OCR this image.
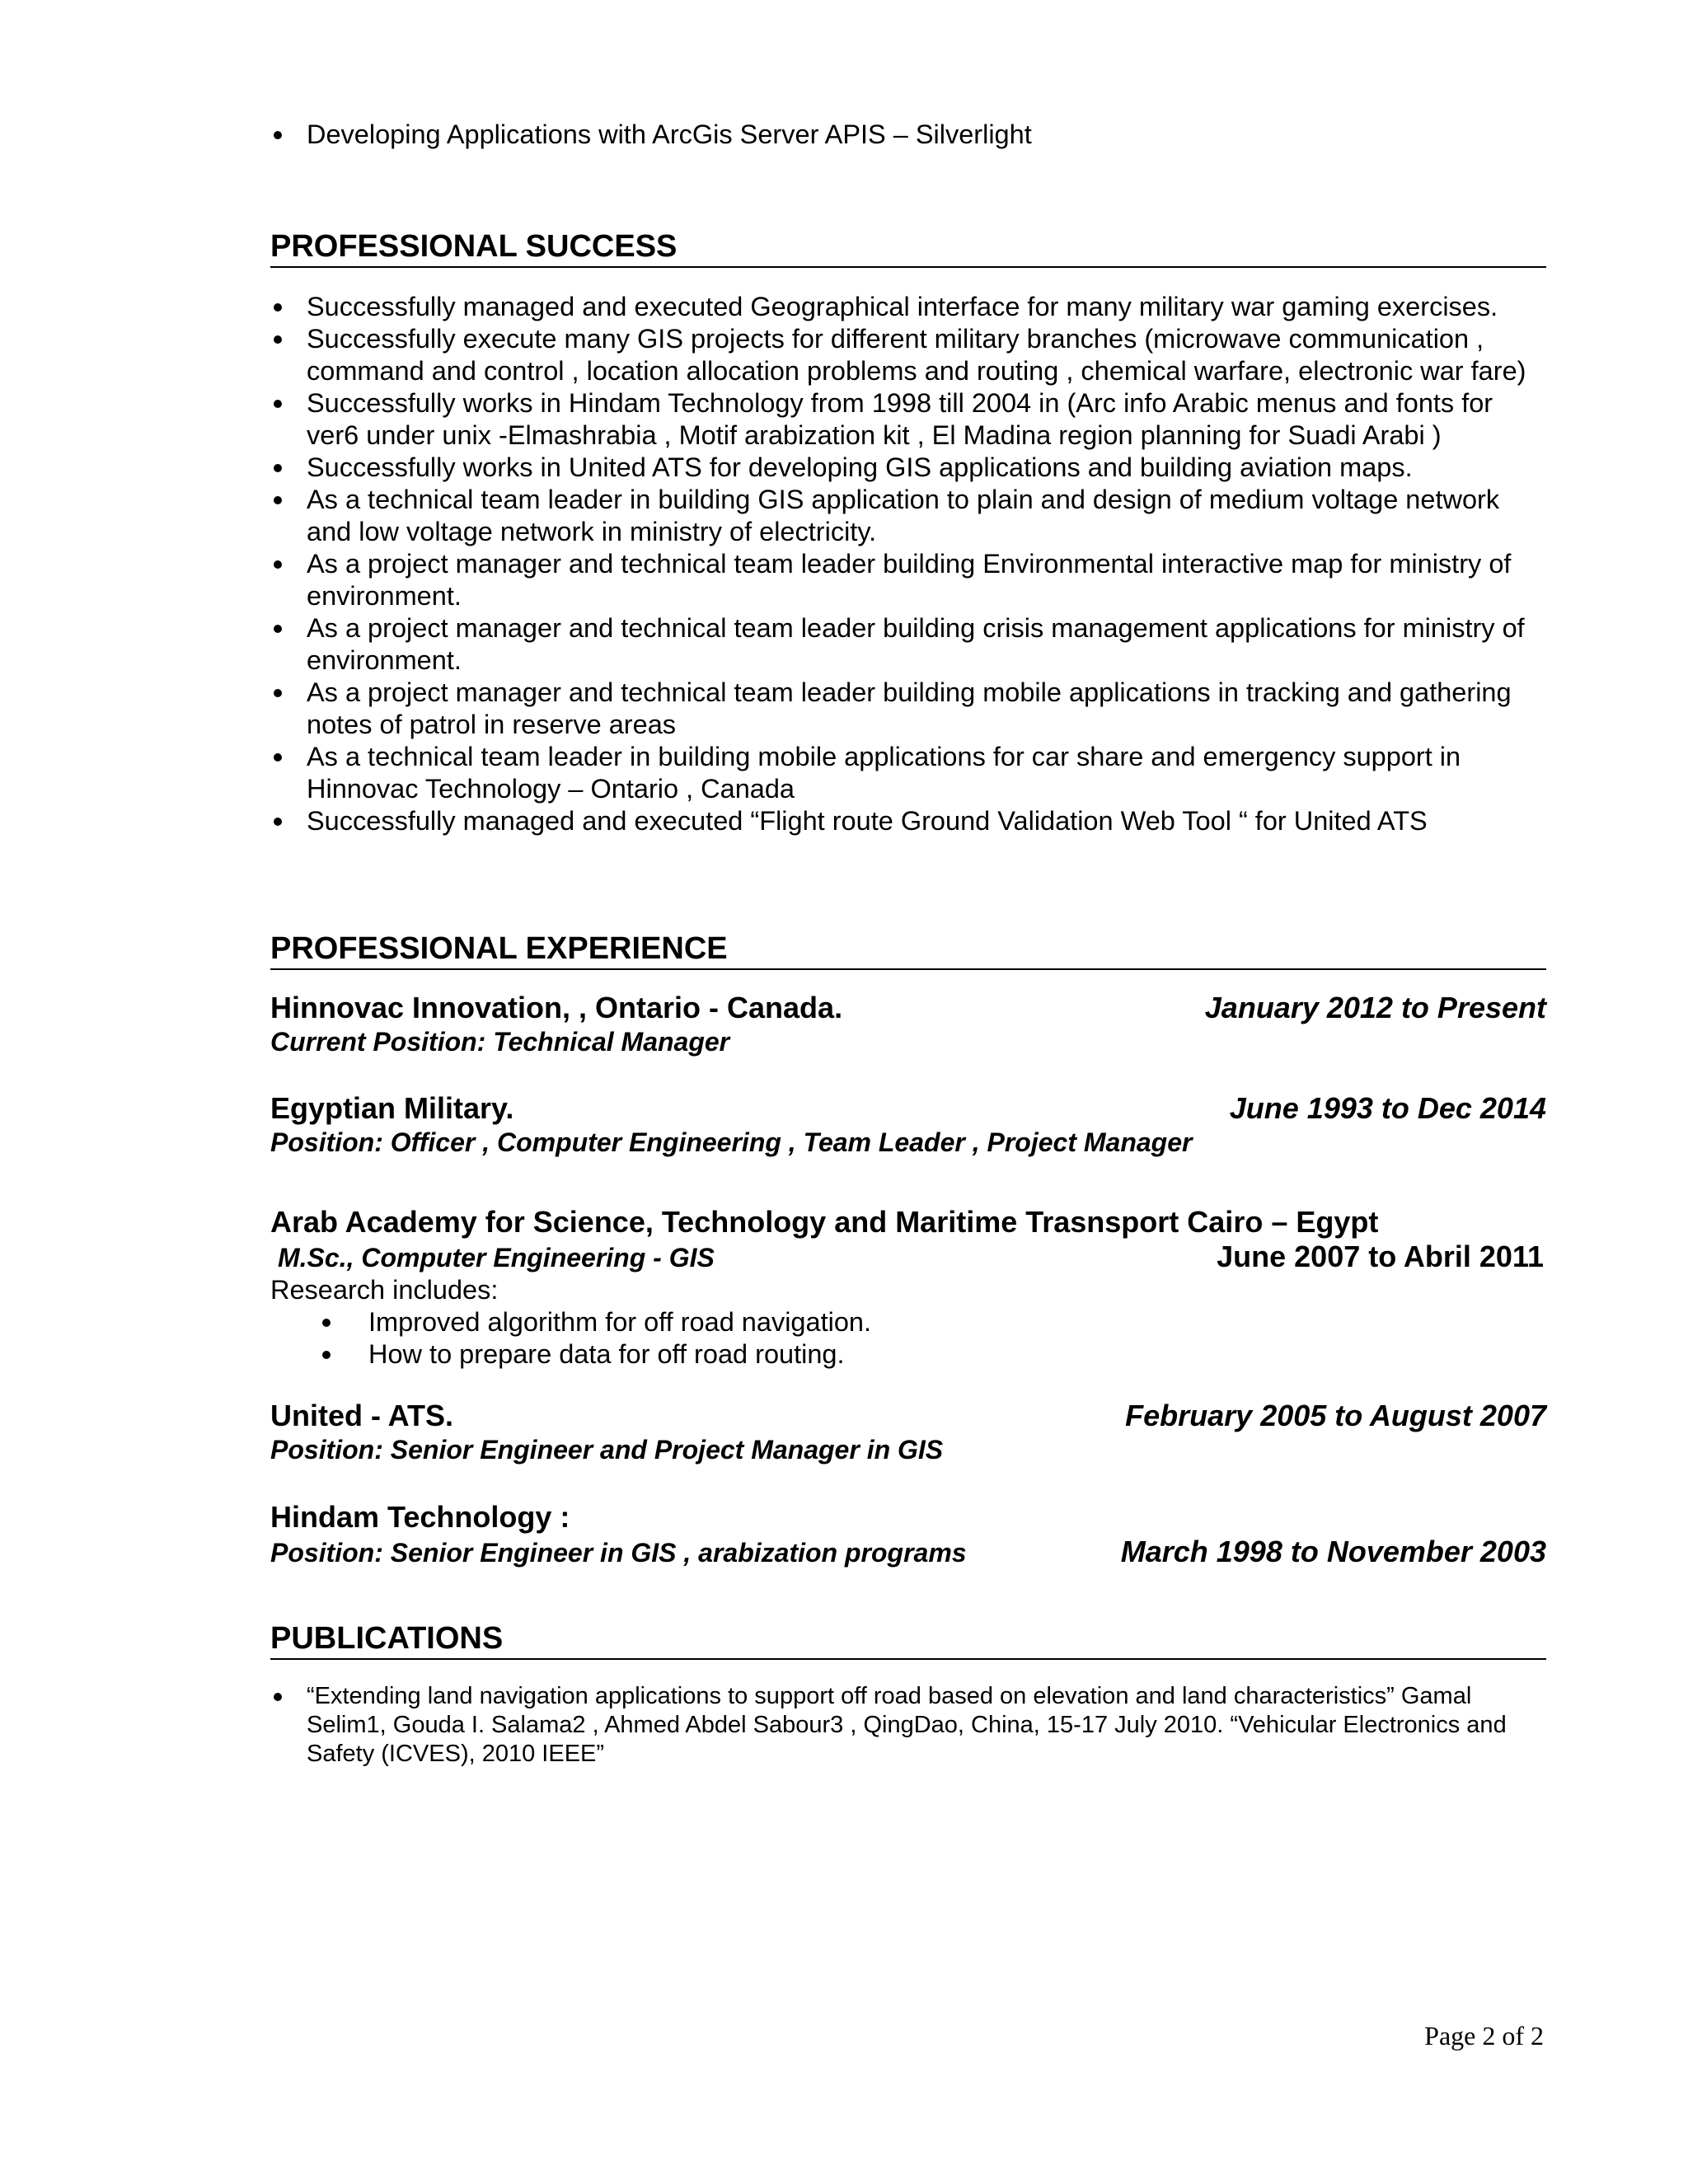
Developing Applications with ArcGis Server APIS – Silverlight
PROFESSIONAL SUCCESS
Successfully managed and executed Geographical interface for many military war gaming exercises.
Successfully execute many GIS projects for different military branches (microwave communication , command and control , location allocation problems and routing , chemical warfare, electronic war fare)
Successfully works in Hindam Technology from 1998 till 2004 in (Arc info Arabic menus and fonts for ver6 under unix -Elmashrabia , Motif arabization kit , El Madina region planning for Suadi Arabi )
Successfully works in United ATS for developing GIS applications and building aviation maps.
As a technical team leader in building GIS application to plain and design of medium voltage network and low voltage network in ministry of electricity.
As a project manager and technical team leader building Environmental interactive map for ministry of environment.
As a project manager and technical team leader building crisis management applications for ministry of environment.
As a project manager and technical team leader building mobile applications in tracking and gathering notes of patrol in reserve areas
As a technical team leader in building mobile applications for car share and emergency support in Hinnovac Technology – Ontario , Canada
Successfully managed and executed “Flight route Ground Validation Web Tool “ for United ATS
PROFESSIONAL EXPERIENCE
Hinnovac Innovation, , Ontario - Canada.	January 2012 to Present
Current Position: Technical Manager
Egyptian Military.	June 1993 to Dec 2014
Position: Officer , Computer Engineering , Team Leader , Project Manager
Arab Academy for Science, Technology and Maritime Trasnsport Cairo – Egypt
M.Sc., Computer Engineering - GIS	June 2007 to Abril 2011
Research includes:
Improved algorithm for off road navigation.
How to prepare data for off road routing.
United - ATS.	February 2005 to August 2007
Position: Senior Engineer and Project Manager in GIS
Hindam Technology :
Position: Senior Engineer in GIS , arabization programs	March 1998 to November 2003
PUBLICATIONS
“Extending land navigation applications to support off road based on elevation and land characteristics” Gamal Selim1, Gouda I. Salama2 , Ahmed Abdel Sabour3 , QingDao, China, 15-17 July 2010. “Vehicular Electronics and Safety (ICVES), 2010 IEEE”
Page 2 of 2
